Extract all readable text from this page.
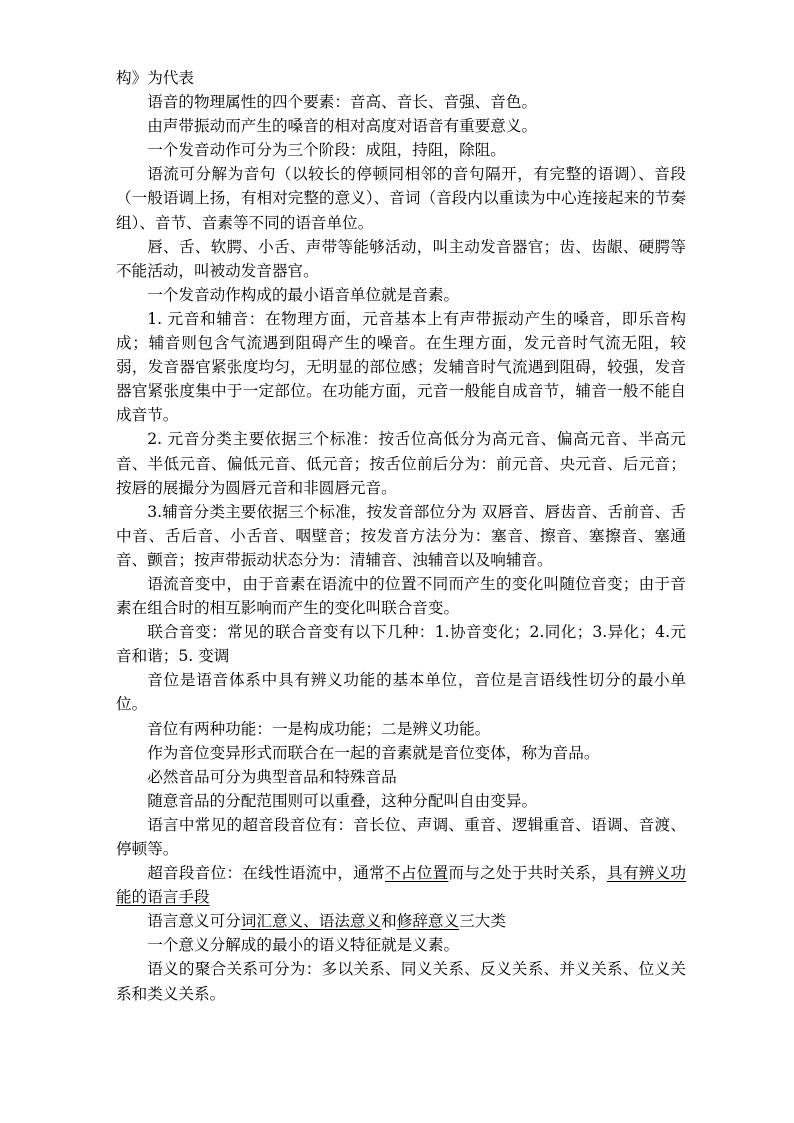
构》为代表

语音的物理属性的四个要素：音高、音长、音强、音色。

由声带振动而产生的嗓音的相对高度对语音有重要意义。

一个发音动作可分为三个阶段：成阻，持阻，除阻。

语流可分解为音句（以较长的停顿同相邻的音句隔开，有完整的语调）、音段（一般语调上扬，有相对完整的意义）、音词（音段内以重读为中心连接起来的节奏组）、音节、音素等不同的语音单位。

唇、舌、软腭、小舌、声带等能够活动，叫主动发音器官；齿、齿龈、硬腭等不能活动，叫被动发音器官。

一个发音动作构成的最小语音单位就是音素。

1. 元音和辅音：在物理方面，元音基本上有声带振动产生的嗓音，即乐音构成；辅音则包含气流遇到阻碍产生的噪音。在生理方面，发元音时气流无阻，较弱，发音器官紧张度均匀，无明显的部位感；发辅音时气流遇到阻碍，较强，发音器官紧张度集中于一定部位。在功能方面，元音一般能自成音节，辅音一般不能自成音节。

2. 元音分类主要依据三个标准：按舌位高低分为高元音、偏高元音、半高元音、半低元音、偏低元音、低元音；按舌位前后分为：前元音、央元音、后元音；按唇的展撮分为圆唇元音和非圆唇元音。

3.辅音分类主要依据三个标准，按发音部位分为 双唇音、唇齿音、舌前音、舌中音、舌后音、小舌音、咽壁音；按发音方法分为：塞音、擦音、塞擦音、塞通音、颤音；按声带振动状态分为：清辅音、浊辅音以及响辅音。

语流音变中，由于音素在语流中的位置不同而产生的变化叫随位音变；由于音素在组合时的相互影响而产生的变化叫联合音变。

联合音变：常见的联合音变有以下几种：1.协音变化；2.同化；3.异化；4.元音和谐；5. 变调

音位是语音体系中具有辨义功能的基本单位，音位是言语线性切分的最小单位。

音位有两种功能：一是构成功能；二是辨义功能。

作为音位变异形式而联合在一起的音素就是音位变体，称为音品。

必然音品可分为典型音品和特殊音品

随意音品的分配范围则可以重叠，这种分配叫自由变异。

语言中常见的超音段音位有：音长位、声调、重音、逻辑重音、语调、音渡、停顿等。

超音段音位：在线性语流中，通常不占位置而与之处于共时关系，具有辨义功能的语言手段

语言意义可分词汇意义、语法意义和修辞意义三大类

一个意义分解成的最小的语义特征就是义素。

语义的聚合关系可分为：多以关系、同义关系、反义关系、并义关系、位义关系和类义关系。
